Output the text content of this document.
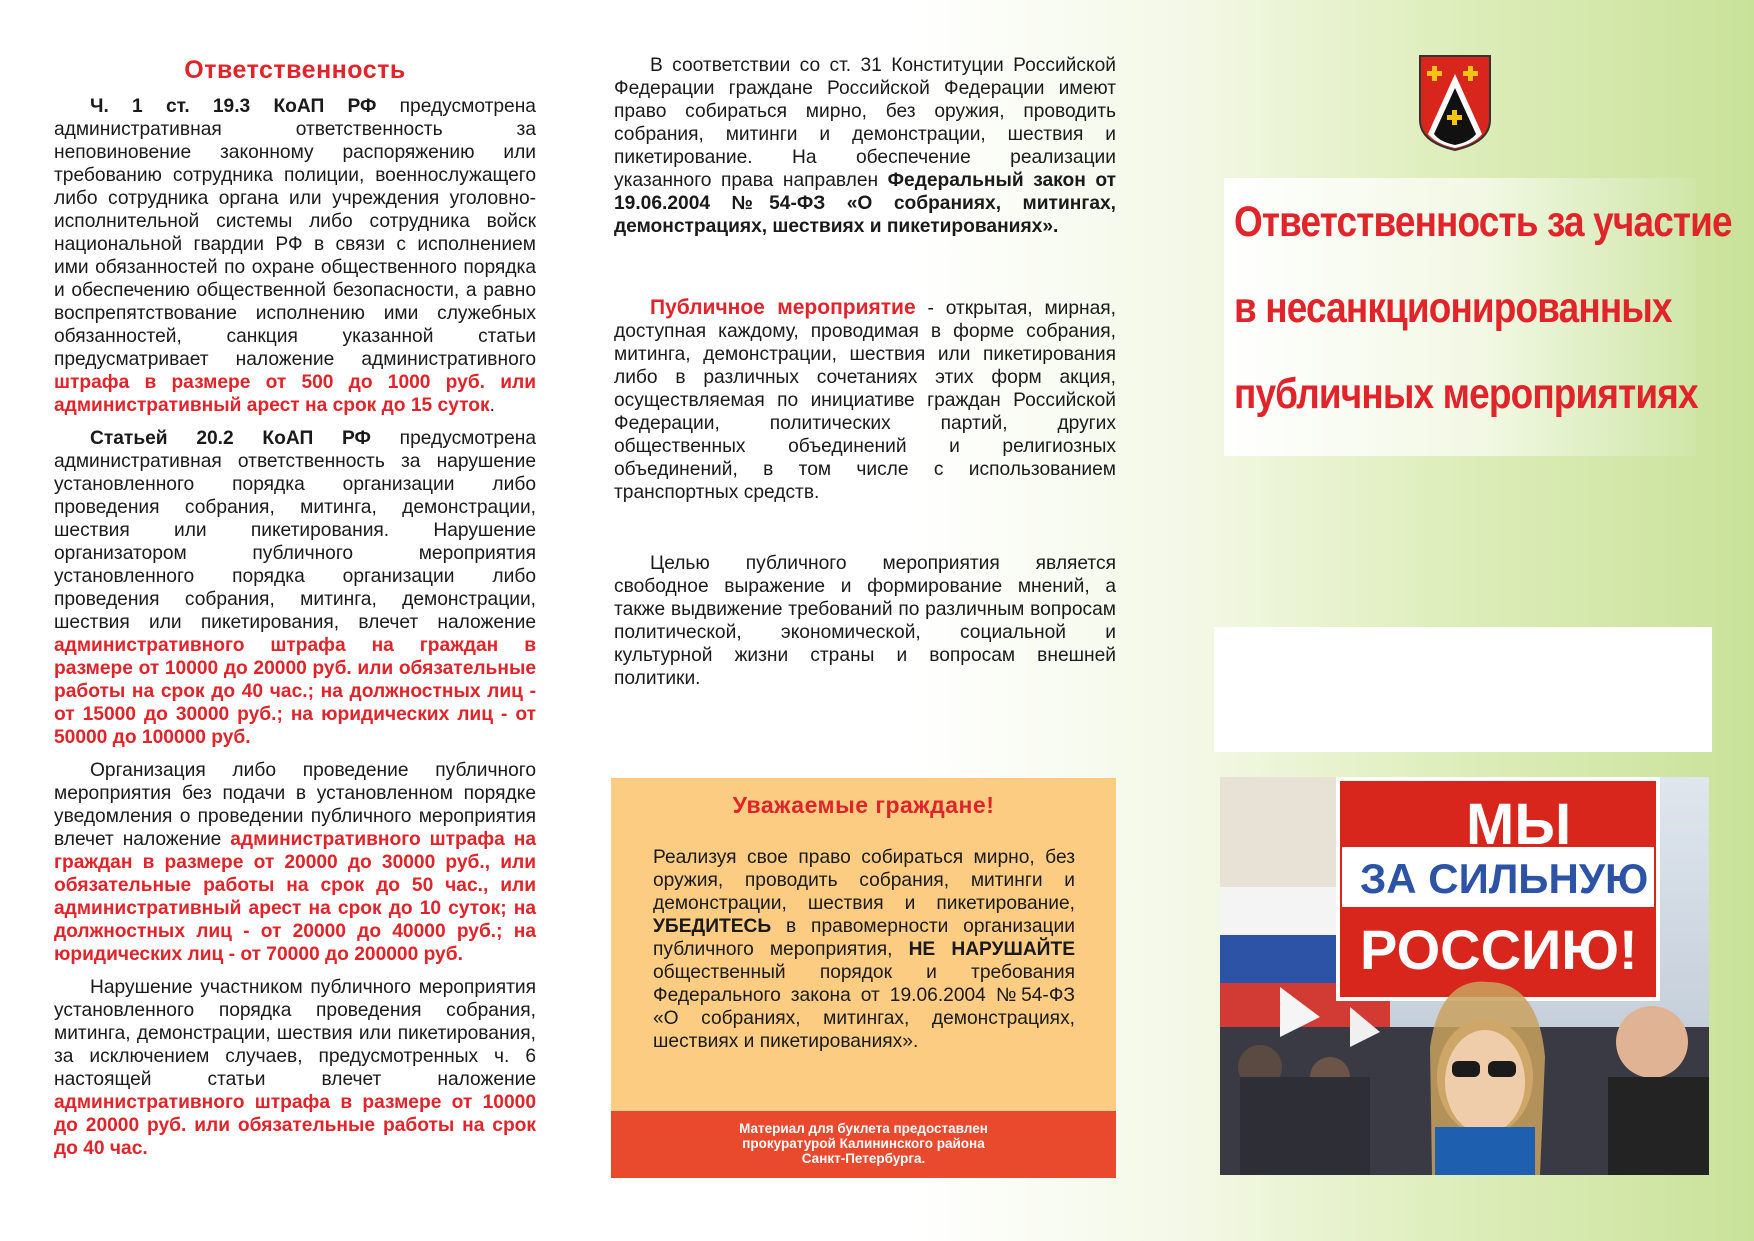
Ответственность

Ч. 1 ст. 19.3 КоАП РФ предусмотрена административная ответственность за неповиновение законному распоряжению или требованию сотрудника полиции, военнослужащего либо сотрудника органа или учреждения уголовно-исполнительной системы либо сотрудника войск национальной гвардии РФ в связи с исполнением ими обязанностей по охране общественного порядка и обеспечению общественной безопасности, а равно воспрепятствование исполнению ими служебных обязанностей, санкция указанной статьи предусматривает наложение административного штрафа в размере от 500 до 1000 руб. или административный арест на срок до 15 суток.

Статьей 20.2 КоАП РФ предусмотрена административная ответственность за нарушение установленного порядка организации либо проведения собрания, митинга, демонстрации, шествия или пикетирования. Нарушение организатором публичного мероприятия установленного порядка организации либо проведения собрания, митинга, демонстрации, шествия или пикетирования, влечет наложение административного штрафа на граждан в размере от 10000 до 20000 руб. или обязательные работы на срок до 40 час.; на должностных лиц - от 15000 до 30000 руб.; на юридических лиц - от 50000 до 100000 руб.

Организация либо проведение публичного мероприятия без подачи в установленном порядке уведомления о проведении публичного мероприятия влечет наложение административного штрафа на граждан в размере от 20000 до 30000 руб., или обязательные работы на срок до 50 час., или административный арест на срок до 10 суток; на должностных лиц - от 20000 до 40000 руб.; на юридических лиц - от 70000 до 200000 руб.

Нарушение участником публичного мероприятия установленного порядка проведения собрания, митинга, демонстрации, шествия или пикетирования, за исключением случаев, предусмотренных ч. 6 настоящей статьи влечет наложение административного штрафа в размере от 10000 до 20000 руб. или обязательные работы на срок до 40 час.

В соответствии со ст. 31 Конституции Российской Федерации граждане Российской Федерации имеют право собираться мирно, без оружия, проводить собрания, митинги и демонстрации, шествия и пикетирование. На обеспечение реализации указанного права направлен Федеральный закон от 19.06.2004 №54-ФЗ «О собраниях, митингах, демонстрациях, шествиях и пикетированиях».

Публичное мероприятие - открытая, мирная, доступная каждому, проводимая в форме собрания, митинга, демонстрации, шествия или пикетирования либо в различных сочетаниях этих форм акция, осуществляемая по инициативе граждан Российской Федерации, политических партий, других общественных объединений и религиозных объединений, в том числе с использованием транспортных средств.

Целью публичного мероприятия является свободное выражение и формирование мнений, а также выдвижение требований по различным вопросам политической, экономической, социальной и культурной жизни страны и вопросам внешней политики.

Уважаемые граждане!
Реализуя свое право собираться мирно, без оружия, проводить собрания, митинги и демонстрации, шествия и пикетирование, УБЕДИТЕСЬ в правомерности организации публичного мероприятия, НЕ НАРУШАЙТЕ общественный порядок и требования Федерального закона от 19.06.2004 №54-ФЗ «О собраниях, митингах, демонстрациях, шествиях и пикетированиях».
Материал для буклета предоставлен
прокуратурой Калининского района
Санкт-Петербурга.
Ответственность за участие
в несанкционированных
публичных мероприятиях
МЫ
ЗА СИЛЬНУЮ
РОССИЮ!
